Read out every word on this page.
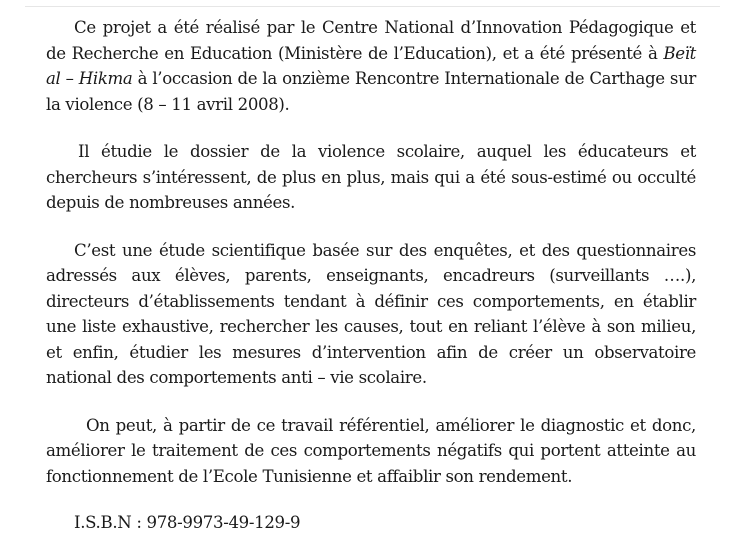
Ce projet a été réalisé par le Centre National d’Innovation Pédagogique et de Recherche en Education (Ministère de l’Education), et a été présenté à Beït al – Hikma à l’occasion de la onzième Rencontre Internationale de Carthage sur la violence (8 – 11 avril 2008).

Il étudie le dossier de la violence scolaire, auquel les éducateurs et chercheurs s’intéressent, de plus en plus, mais qui a été sous-estimé ou occulté depuis de nombreuses années.

C’est une étude scientifique basée sur des enquêtes, et des questionnaires adressés aux élèves, parents, enseignants, encadreurs (surveillants ….), directeurs d’établissements tendant à définir ces comportements, en établir une liste exhaustive, rechercher les causes, tout en reliant l’élève à son milieu, et enfin, étudier les mesures d’intervention afin de créer un observatoire national des comportements anti – vie scolaire.

On peut, à partir de ce travail référentiel, améliorer le diagnostic et donc, améliorer le traitement de ces comportements négatifs qui portent atteinte au fonctionnement de l’Ecole Tunisienne et affaiblir son rendement.

I.S.B.N : 978-9973-49-129-9
